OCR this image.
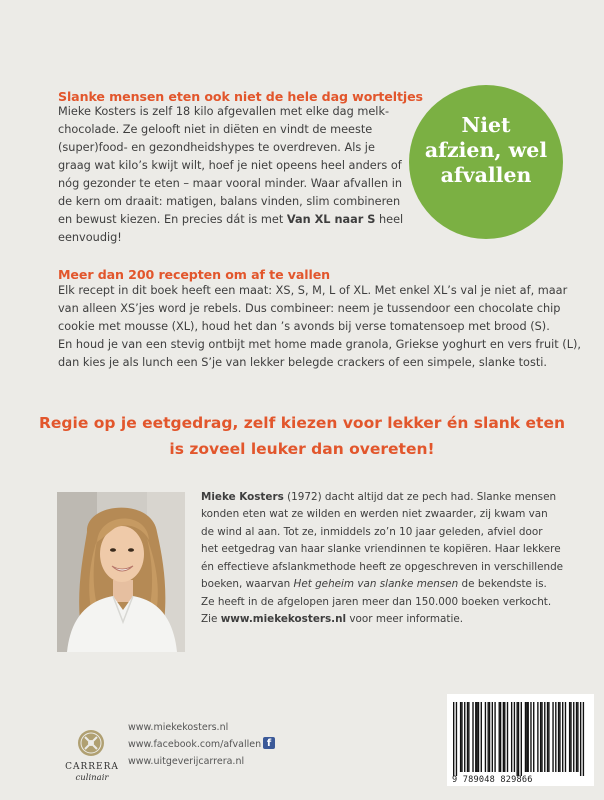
Slanke mensen eten ook niet de hele dag worteltjes
Mieke Kosters is zelf 18 kilo afgevallen met elke dag melk-
chocolade. Ze gelooft niet in diëten en vindt de meeste
(super)food- en gezondheidshypes te overdreven. Als je
graag wat kilo’s kwijt wilt, hoef je niet opeens heel anders of
nóg gezonder te eten – maar vooral minder. Waar afvallen in
de kern om draait: matigen, balans vinden, slim combineren
en bewust kiezen. En precies dát is met Van XL naar S heel
eenvoudig!
Niet
afzien, wel
afvallen
Meer dan 200 recepten om af te vallen
Elk recept in dit boek heeft een maat: XS, S, M, L of XL. Met enkel XL’s val je niet af, maar
van alleen XS’jes word je rebels. Dus combineer: neem je tussendoor een chocolate chip
cookie met mousse (XL), houd het dan ’s avonds bij verse tomatensoep met brood (S).
En houd je van een stevig ontbijt met home made granola, Griekse yoghurt en vers fruit (L),
dan kies je als lunch een S’je van lekker belegde crackers of een simpele, slanke tosti.
Regie op je eetgedrag, zelf kiezen voor lekker én slank eten
is zoveel leuker dan overeten!
Mieke Kosters (1972) dacht altijd dat ze pech had. Slanke mensen
konden eten wat ze wilden en werden niet zwaarder, zij kwam van
de wind al aan. Tot ze, inmiddels zo’n 10 jaar geleden, afviel door
het eetgedrag van haar slanke vriendinnen te kopiëren. Haar lekkere
én effectieve afslankmethode heeft ze opgeschreven in verschillende
boeken, waarvan Het geheim van slanke mensen de bekendste is.
Ze heeft in de afgelopen jaren meer dan 150.000 boeken verkocht.
Zie www.miekekosters.nl voor meer informatie.
CARRERA
culinair
www.miekekosters.nl
www.facebook.com/afvallen f
www.uitgeverijcarrera.nl
9 789048 829866
